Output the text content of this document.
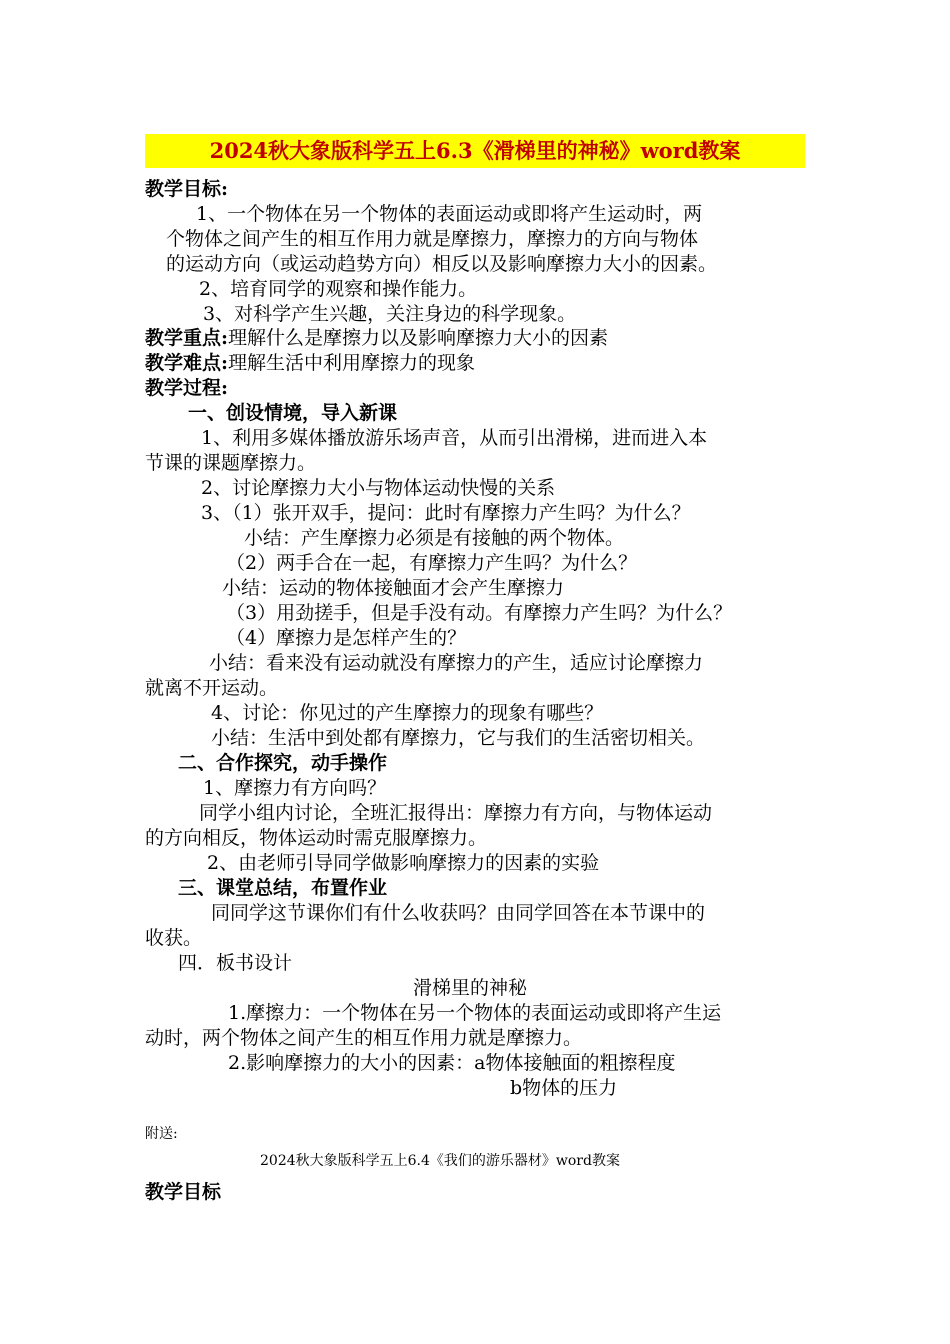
2024秋大象版科学五上6.3《滑梯里的神秘》word教案
教学目标:
1、一个物体在另一个物体的表面运动或即将产生运动时，两
个物体之间产生的相互作用力就是摩擦力，摩擦力的方向与物体
的运动方向（或运动趋势方向）相反以及影响摩擦力大小的因素。
2、培育同学的观察和操作能力。
3、对科学产生兴趣，关注身边的科学现象。
教学重点:理解什么是摩擦力以及影响摩擦力大小的因素
教学难点:理解生活中利用摩擦力的现象
教学过程:
一、创设情境，导入新课
1、利用多媒体播放游乐场声音，从而引出滑梯，进而进入本
节课的课题摩擦力。
2、讨论摩擦力大小与物体运动快慢的关系
3、（1）张开双手，提问：此时有摩擦力产生吗？为什么？
小结：产生摩擦力必须是有接触的两个物体。
（2）两手合在一起，有摩擦力产生吗？为什么？
小结：运动的物体接触面才会产生摩擦力
（3）用劲搓手，但是手没有动。有摩擦力产生吗？为什么？
（4）摩擦力是怎样产生的？
小结：看来没有运动就没有摩擦力的产生，适应讨论摩擦力
就离不开运动。
4、讨论：你见过的产生摩擦力的现象有哪些？
小结：生活中到处都有摩擦力，它与我们的生活密切相关。
二、合作探究，动手操作
1、摩擦力有方向吗？
同学小组内讨论，全班汇报得出：摩擦力有方向，与物体运动
的方向相反，物体运动时需克服摩擦力。
2、由老师引导同学做影响摩擦力的因素的实验
三、课堂总结，布置作业
同同学这节课你们有什么收获吗？由同学回答在本节课中的
收获。
四．板书设计
滑梯里的神秘
1.摩擦力：一个物体在另一个物体的表面运动或即将产生运
动时，两个物体之间产生的相互作用力就是摩擦力。
2.影响摩擦力的大小的因素：a物体接触面的粗擦程度
b物体的压力
附送:
2024秋大象版科学五上6.4《我们的游乐器材》word教案
教学目标
